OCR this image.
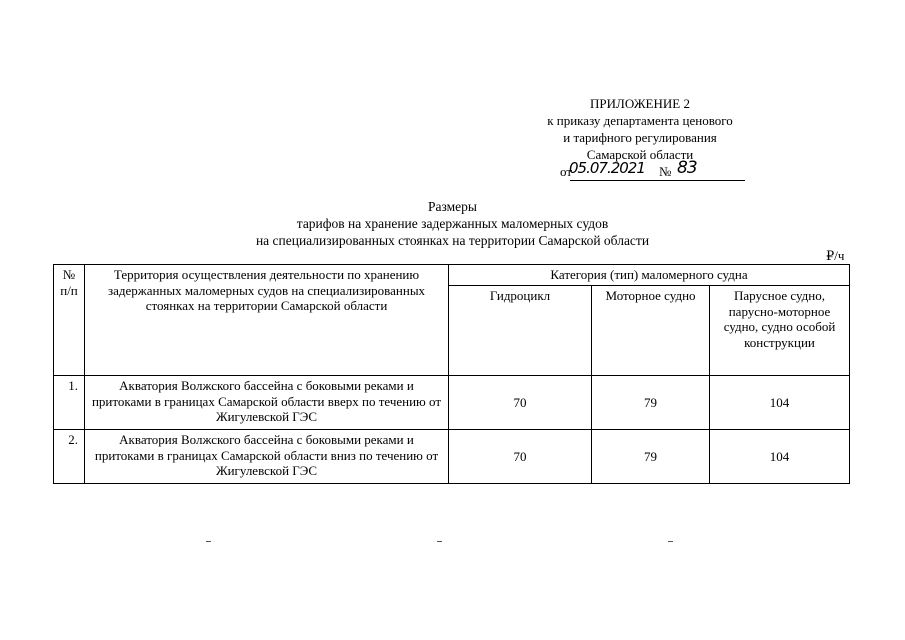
ПРИЛОЖЕНИЕ 2
к приказу департамента ценового
и тарифного регулирования
Самарской области
от
05.07.2021 № 83
Размеры
тарифов на хранение задержанных маломерных судов
на специализированных стоянках на территории Самарской области
₽/ч
№ п/п	Территория осуществления деятельности по хранению задержанных маломерных судов на специализированных стоянках на территории Самарской области	Категория (тип) маломерного судна		
		Гидроцикл	Моторное судно	Парусное судно, парусно-моторное судно, судно особой конструкции
1.	Акватория Волжского бассейна с боковыми реками и притоками в границах Самарской области вверх по течению от Жигулевской ГЭС	70	79	104
2.	Акватория Волжского бассейна с боковыми реками и притоками в границах Самарской области вниз по течению от Жигулевской ГЭС	70	79	104
